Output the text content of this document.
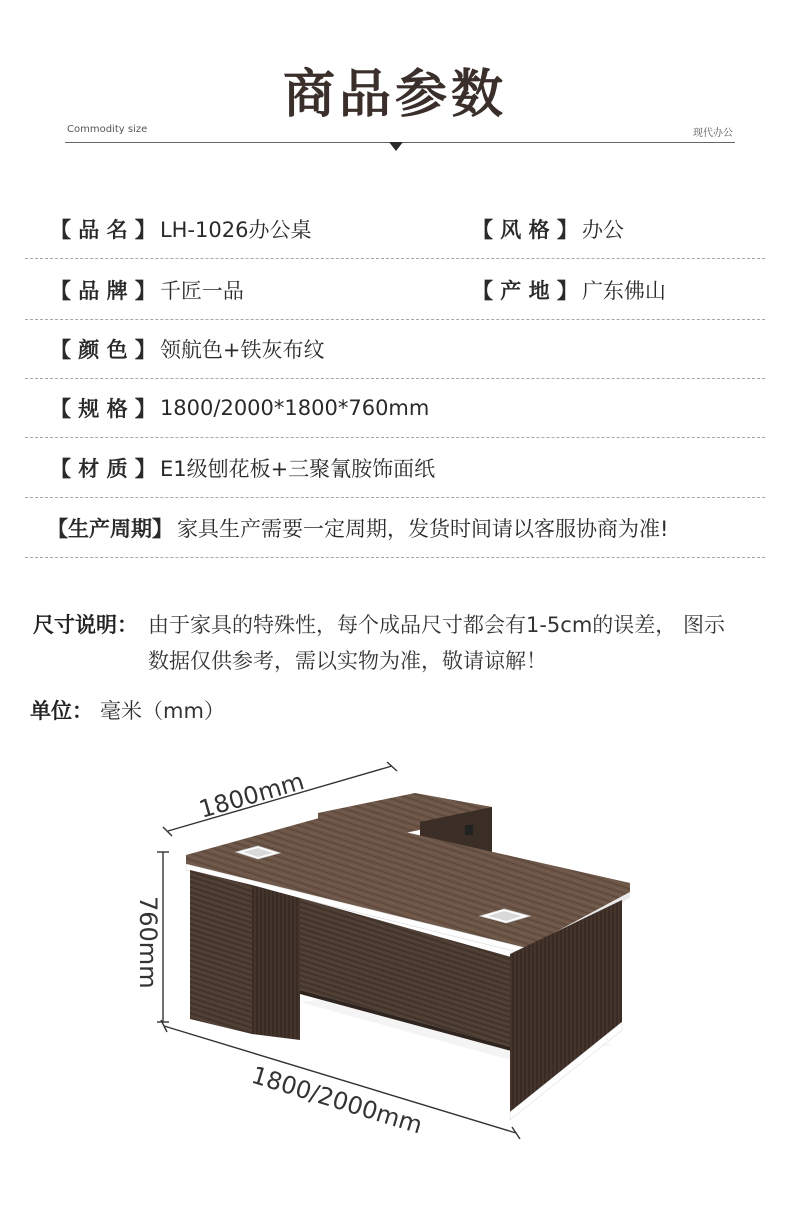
商品参数
Commodity size	现代办公
【 品 名 】 LH-1026办公桌	【 风 格 】 办公
【 品 牌 】 千匠一品	【 产 地 】 广东佛山
【 颜 色 】 领航色+铁灰布纹
【 规 格 】 1800/2000*1800*760mm
【 材 质 】 E1级刨花板+三聚氰胺饰面纸
【生产周期】 家具生产需要一定周期，发货时间请以客服协商为准!
尺寸说明： 由于家具的特殊性，每个成品尺寸都会有1-5cm的误差， 图示
数据仅供参考，需以实物为准，敬请谅解！
单位： 毫米（mm）
1800mm
760mm
1800/2000mm
